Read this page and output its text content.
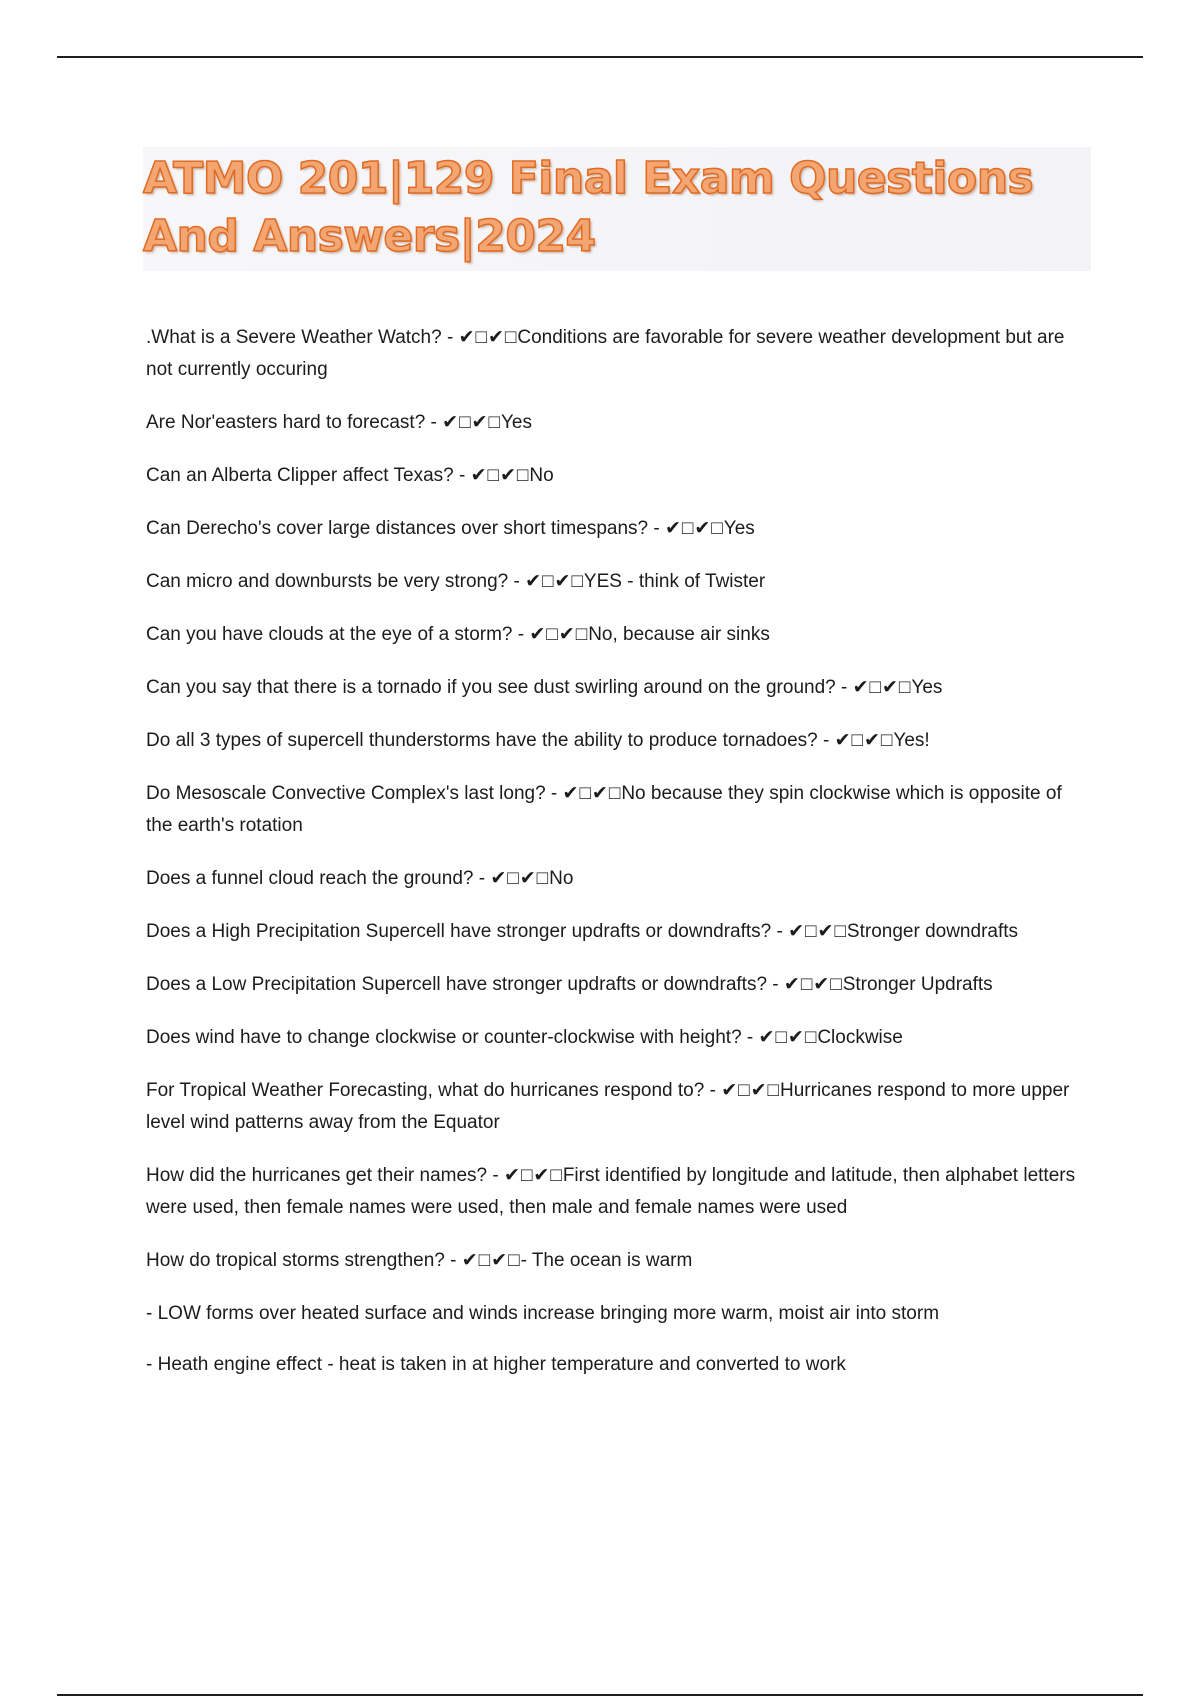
ATMO 201|129 Final Exam Questions
And Answers|2024

.What is a Severe Weather Watch? - ✔□✔□Conditions are favorable for severe weather development but are not currently occuring

Are Nor'easters hard to forecast? - ✔□✔□Yes

Can an Alberta Clipper affect Texas? - ✔□✔□No

Can Derecho's cover large distances over short timespans? - ✔□✔□Yes

Can micro and downbursts be very strong? - ✔□✔□YES - think of Twister

Can you have clouds at the eye of a storm? - ✔□✔□No, because air sinks

Can you say that there is a tornado if you see dust swirling around on the ground? - ✔□✔□Yes

Do all 3 types of supercell thunderstorms have the ability to produce tornadoes? - ✔□✔□Yes!

Do Mesoscale Convective Complex's last long? - ✔□✔□No because they spin clockwise which is opposite of the earth's rotation

Does a funnel cloud reach the ground? - ✔□✔□No

Does a High Precipitation Supercell have stronger updrafts or downdrafts? - ✔□✔□Stronger downdrafts

Does a Low Precipitation Supercell have stronger updrafts or downdrafts? - ✔□✔□Stronger Updrafts

Does wind have to change clockwise or counter-clockwise with height? - ✔□✔□Clockwise

For Tropical Weather Forecasting, what do hurricanes respond to? - ✔□✔□Hurricanes respond to more upper level wind patterns away from the Equator

How did the hurricanes get their names? - ✔□✔□First identified by longitude and latitude, then alphabet letters were used, then female names were used, then male and female names were used

How do tropical storms strengthen? - ✔□✔□- The ocean is warm

- LOW forms over heated surface and winds increase bringing more warm, moist air into storm

- Heath engine effect - heat is taken in at higher temperature and converted to work
